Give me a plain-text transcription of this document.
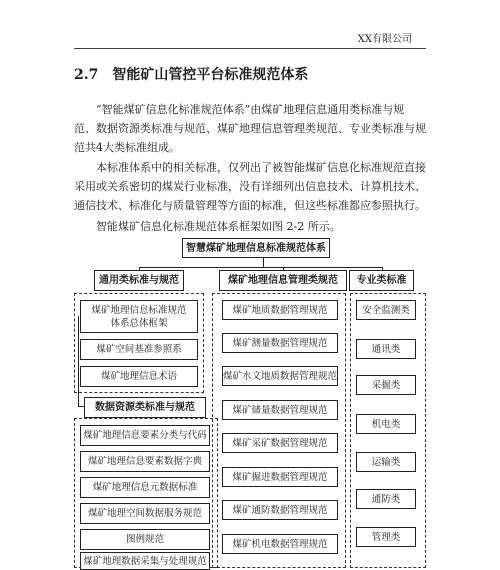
XX有限公司
2.7 智能矿山管控平台标准规范体系

“智能煤矿信息化标准规范体系”由煤矿地理信息通用类标准与规范、数据资源类标准与规范、煤矿地理信息管理类规范、专业类标准与规范共4大类标准组成。

本标准体系中的相关标准，仅列出了被智能煤矿信息化标准规范直接采用或关系密切的煤炭行业标准，没有详细列出信息技术、计算机技术、通信技术、标准化与质量管理等方面的标准，但这些标准都应参照执行。

智能煤矿信息化标准规范体系框架如图 2-2 所示。

智慧煤矿地理信息标准规范体系
通用类标准与规范	煤矿地理信息管理类规范	专业类标准
煤矿地理信息标准规范体系总体框架
煤矿空间基准参照系
煤矿地理信息术语
数据资源类标准与规范
煤矿地理信息要素分类与代码
煤矿地理信息要素数据字典
煤矿地理信息元数据标准
煤矿地理空间数据服务规范
图例规范
煤矿地理数据采集与处理规范
煤矿地质数据管理规范
煤矿测量数据管理规范
煤矿水文地质数据管理规范
煤矿储量数据管理规范
煤矿采矿数据管理规范
煤矿掘进数据管理规范
煤矿通防数据管理规范
煤矿机电数据管理规范
安全监测类
通讯类
采掘类
机电类
运输类
通防类
管理类
